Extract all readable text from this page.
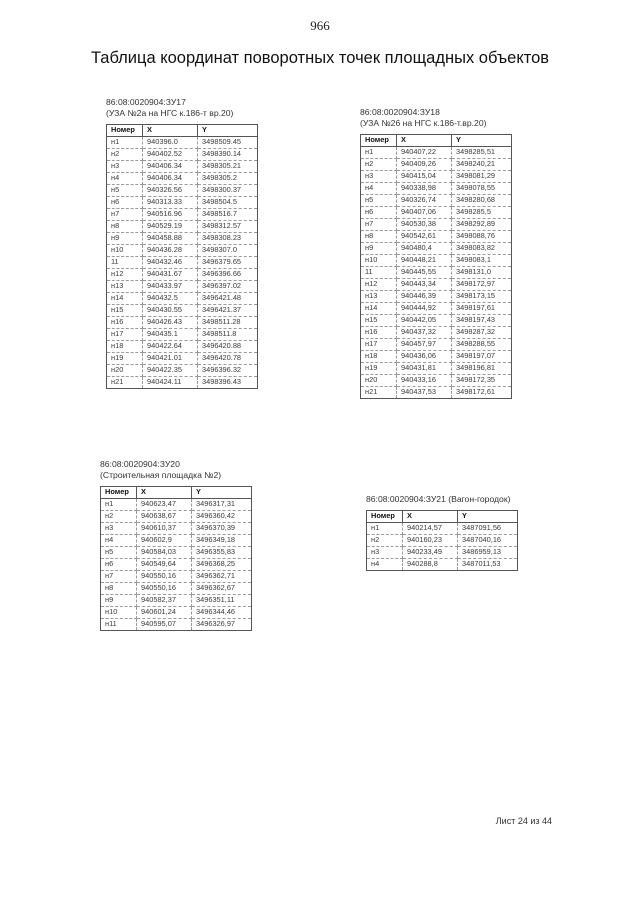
966
Таблица координат поворотных точек площадных объектов
86:08:0020904:ЗУ17
(УЗА №2а на НГС к.186-т вр.20)
Номер	X	Y
н1	940396.0	3498509.45
н2	940402.52	3498390.14
н3	940406.34	3498305.21
н4	940406.34	3498305.2
н5	940326.56	3498300.37
н6	940313.33	3498504.5
н7	940516.96	3498516.7
н8	940529.19	3498312.57
н9	940458.88	3498308.23
н10	940436.28	3498307.0
11	940432.46	3496379.65
н12	940431.67	3496396.66
н13	940433.97	3496397.02
н14	940432.5	3496421.48
н15	940430.55	3496421.37
н16	940426.43	3498511.28
н17	940435.1	3498511.8
н18	940422.64	3496420.88
н19	940421.01	3496420.78
н20	940422.35	3496396.32
н21	940424.11	3498396.43
86:08:0020904:ЗУ18
(УЗА №26 на НГС к.186-т.вр.20)
Номер	X	Y
н1	940407,22	3498285,51
н2	940409,26	3498240,21
н3	940415,04	3498081,29
н4	940338,98	3498078,55
н5	940326,74	3498280,68
н6	940407,06	3498285,5
н7	940530,38	3498292,89
н8	940542,61	3498088,76
н9	940480,4	3498083,82
н10	940448,21	3498083,1
11	940445,55	3498131,0
н12	940443,34	3498172,97
н13	940446,39	3498173,15
н14	940444,92	3498197,61
н15	940442,05	3498197,43
н16	940437,32	3498287,32
н17	940457,97	3498288,55
н18	940436,06	3498197,07
н19	940431,81	3498196,81
н20	940433,16	3498172,35
н21	940437,53	3498172,61
86:08:0020904:ЗУ20
(Строительная площадка №2)
Номер	X	Y
н1	940623,47	3496317,31
н2	940638,67	3496360,42
н3	940610,37	3496370,39
н4	940602,9	3496349,18
н5	940584,03	3496355,83
н6	940549,64	3496368,25
н7	940550,16	3496362,71
н8	940550,16	3496362,67
н9	940582,37	3496351,11
н10	940601,24	3496344,46
н11	940595,07	3496326,97
86:08:0020904:ЗУ21 (Вагон-городок)
Номер	X	Y
н1	940214,57	3487091,56
н2	940160,23	3487040,16
н3	940233,49	3486959,13
н4	940288,8	3487011,53
Лист 24 из 44
